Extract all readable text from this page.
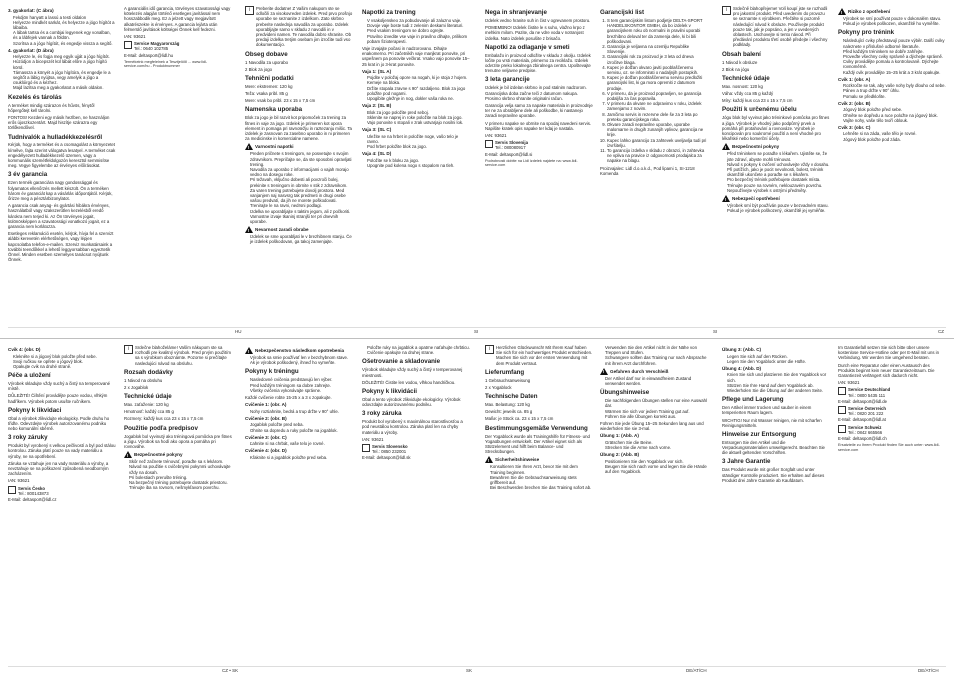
3. gyakorlat: (C ábra)
• Fekdjön hanyatt a lassú a testi oldalon
• Helyezze mindkét sarkát, és helyezze a jógo hígítót a lábaiba.
• A lábak tartsa és a combjai legyenek egy vonalban, és a lábfejek vannak a földön.
• Szorítsa a a jógo hígítót, és engedje vissza a segítő.
4. gyakorlat: (D ábra)
• Helyezze le, és fogja meg egyik ujját a jógo hígítót.
• Húzódjon a bicepszét kül lábát előre a jógo hígító körül.
• Támassza a könyét a jógo hígítóra, és engedje le a segítőt a lábig nyújtsa, vegy amelyik a jógo a csuklóirgó és a kézhez.
• Majd lazítsa meg a gyakorlatot a másik oldalon.
Kezelés és tárolás

A terméket mindig szárazon és hűvös, fénytől hőpergőtejt kell tárolni.

FONTOS! Kezdeni egy másik hezlben, ne használjon erős újoszkozentárt. Majd hiszítje szárazra egy törlőkendővel.

Tudnivalók a hulladékkezelésről

Kérjük, hogy a terméket és a csomagolást a környezetet kímélve, fajta szerint válogatva lesatyel. A terméket csak engedélyezett hulladékkezelő üzemen, vagy a kommunális szemétfeldolgozón keresztül semmisítse meg. Vegye figyelembe az érvényes előírásokat.

3 év garancia

Ezen termék garanciára nagy gondossággal és folyamatos ellenőrzés mellett készült. Ön a terméken három év garanciát kap a vásárlás időpontjától. Kérjük, őrizze meg a pénztárbizonylatot.

A garancia csak anyag- és gyártási hibákra érvényes, használatból vagy szakszerűtlen kezelésből eredő károkra nem terjed ki. Az Ön törvényes jogait, különösképpen a szavatossági vonatkozó jogait, ez a garancia nem korlátozza.

Esetleges reklamáció esetén, kérjük, hívja fel a szervizt alábbi kerevetén elérhetőségen, vagy lépjen kapcsolatba telefon-e-mailen. Szerviz munkatársaink a további teendőkkel a lehető leggyorsabban egyeztetik Önnel. Minden esetben személyes tanácsot nyújtunk Önnek.

A garanciális idő garancia, törvényes szavatossági vagy kötelezés alapján történő esetleges javítással nem hosszabbodik meg. Ez a jelzett vagy megjavított alkatrészekre is érvényes. A garancia lejárta után felmerülő javítások költségei Önnek kell fedezni.

IAN: 93621

Service Magyarország
Tel.: 0640 102785

E-Mail: deltasport@lidl.hu

Termékeink megfelelnek a Tesztjelölő ... www.lidl-service.com/hu - Produktnummer

i	Preberite dodatne! Z Vašim nakupom ste se odločili za visokovreden izdelek. Pred prvo prošnjo uporabe se seznanite z izdelkom. Zato skrbno preberite naslednja navodila za uporabo. Izdelek uporabljajte samo v skladu z navodili in v predvideni namen. Te navodila dobro shranite. Ob predaji izdelka tretjim osebam jim izročite tudi vso dokumentacijo.
Obseg dobave

1 Navodila za uporabo

2 Blok za jogo

Tehnični podatki

Mere: ekstremen: 120 kg

Teža: vsaka pribl. 85 g

Mere: vsak bo pribl. 23 x 15 x 7,5 cm

Namenska uporaba

Blok za jogo je bil razvit kot pripomoček za trening za fitnes in vaje za jogo. Izdelek je primeren kot opora element in pomaga pri ravnotežju in raztezanju mišic. Ta izdelek je zasnovan za zasebno uporabo in ni primeren za medicinske in komercialne namene.

!
Varnostni napotki
• Preden pričnete s treningom, se posvetujte s svojim zdravnikom. Prepričajte se, da ste sposobni opravljati trening.
• Navodila za uporabo z informacijami o vajah morajo vedno na dosegu roke.
• Pri težavah, vključno dobesti ali povzroči bolej, prekinite s treningom in obrnite v stik z zdravnikom.
• Za varen trening potrebujete dovolj prostora. Med vanjanjem naj nasvsrg tak predmeti in drugi osebe vašou predvatí, da jih ne morete poškodovati.
• Trenirajte le na ravni, nedrsni podlagi.
• Izdelka ne uporabljajte s taktim jegom, ali z počkoriti.
• Varnostne izvaje tkaninj stranjši ter pri dnevnih uporabe.
!
Nevarnost zaradi obrabe
• Izdelek se sme uporabljati le v brezhibnem stanju. Če je izdelek poškodovan, ga takoj zamenjajte.
Napotki za trening
• V vsakoljenskeo za pobudovanje ali zaluzno vaje. Dovoje vaje boste tudi z zelenim deskami literaturi.
• Pred vsakim treningom se dobro ogrejte.
• Pravilno izvedite vse vaje in pravilno dihajte, prilikom pobam fizioterapevti.

Vaje izvajajte počasi in nadzorovano. Dihajte enakomerno. Pri začetnikih vaje manjkrat ponovite, pri uspešnem pa ponovite večkrat. Vsako vajo ponovite 15–25 krat in jo 3-krat ponovite.

Vaja 1: (SL A)
• Pojdite v položaj opore na nogah, ki je stoja z hojem. Kemeje na bloka.
• Držite stopala zravne s 90° razdaljeno. Blok za jogo položite pod nogami.
• Upogibite gležnje in nog, dokler vaša roka ne.
Vaja 2: (SL B)
• Blok za jogo položite pred seboj.
• Sklenite se naprej in roke položite na blok za jogo.
• Vajo ponovite s stopali v zrak ustvarjajo nosilni lok.
Vaja 3: (SL C)
• Uležite se na hrbet in položite noge, vašo telo je ravno.
• Pod hrbet položite blok za jogo.
Vaja 4: (SL D)
• Položite se k bloku za jogo.
• Upognite pod kolena nogo s stopalom na tleh.
Nega in shranjevanje

Izdelek vedno hranite suh in čist v ogrevanem prostoru.

POMEMBNO! Izdelek čistite le s suho, vlažno krpo z mehkim milom. Pazite, da ne vdre voda v notranjost izdelka. Nato izdelek posušite z brisačo.

Napotki za odlaganje v smeti

Embalažo in proizvod odložite v skladu z okolju. Izdelek ločite po vrsti materiala, primerno za reciklažo. Izdelek odvrzite preko lokalnega zbiralnega centra. Upoštevajte trenutne veljavne predpise.

3 leta garancije

Izdelek je bil izdelan skrbno in pod stalnim nadzorom. Garancijska doba začne teči z datumom nakupa. Prosimo skrbno shranite originalni račun.

Garancija velja samo za napake materiala in proizvodnje ter ne za obrabljene dele ali poškodbe, ki nastanejo zaradi nepravilne uporabe.

V primeru napake se obrnite na spodaj navedeni servis. Napišite kratek opis napake ter kdaj je nastala.

IAN: 93621

Servis Slovenija
Tel.: 080080917

E-Mail: deltasport@lidl.si

Podrobnosti dobite na Lidl izdelek najdete na: www.lidl-service.com

Garancijski list
1. S tem garancijskim listom podjetje DELTA-SPORT HANDELSKONTOR GMBH, da bo izdelek v garancijskem roku ob normalni in pravilni uporabi brezhibno deloval ter da zamenja dele, ki bi bili poškodovani.
2. Garancija je veljavna na ozemlju Republike Slovenije.
3. Garancijski rok za proizvod je 3 leta od dneva izročitve blaga.
4. Kupec je dolžan okvaro javiti pooblaščenemu servisu, oz. se informirati o nadaljnjih postopkih.
5. Kupec je dolžan pooblaščenemu servisu predložiti garancijski list, ki ga mora opremiti z datumom prodaje.
6. V primeru, da je proizvod popravljen, se garancija podaljša za čas popravila.
7. V primeru da okvare ne odpravimo v roku, izdelek zamenjamo z novim.
8. Jamčimo servis in rezervne dele še za 3 leta po preteku garancijskega roka.
9. Okvare zaradi nepravilne uporabe, uporabe malomarne in drugih zunanjih vplivov, garancija ne krije.
10. Kupec lahko garancijo za zahtevek uveljavlja tudi pri izvršitelju.
11. To garancijo izdelka v skladu z obrazci, in zahtevka ne vpliva na pravice iz odgovornosti prodajalca za napake na blagu.

Proizvajalec: Lidl d.o.o.k.d., Pod lipami 1, SI-1218 Komenda

i	Srdečně blahopřejeme! Volí koupí jste se rozhodli pro jakostní produkt. Před uvedením do provozu se seznamte s výrobkem. Přečtěte si pozorně následující návod k obsluze. Používejte produkt pouze tak, jak je popsáno, a jen v uvedených oblastech. Uschovejte si tento návod. Při předávání produktu třetí osobě předejte i všechny podklady.
Obsah balení

1 Návod k obsluze

2 Blok na jógu

Technické údaje

Max. nosnost: 120 kg

Váha: vždy cca 85 g každý

Míry: každý kus cca 23 x 15 x 7,5 cm

Použití k určenému účelu

Jógu blok byl vyvinut jako tréninkové pomůcka pro fitnes a jóga. Výrobek je vhodný jako podpůrný prvek a pomáhá při protahování a rovnováze. Výrobek je koncipován pro soukromé použití a není vhodné pro lékařské nebo komerční účely.

!
Bezpečnostní pokyny
• Před tréninkem se poraďte s lékařem. Ujistěte se, že jste zdraví, abyste mohli trénovat.
• Návod s pokyny k cvičení uchovávejte vždy v dosahu.
• Při potížích, jako je pocit nevolnosti, bolest, trénink okamžitě ukončete a poraďte se s lékařem.
• Pro bezpečný trénink potřebujete dostatek místa.
• Trénujte pouze na rovném, neklouzavém povrchu.
• Nepoužívejte výrobek s ostrými předměty.
!
Nebezpečí opotřebení
• Výrobek smí být používán pouze v bezvadném stavu. Pokud je výrobek poškozený, okamžitě jej vyměňte.
!
Riziko z opotřebení
• Výrobek se smí používat pouze v dokonalém stavu. Pokud je výrobek poškozen, okamžitě ho vyměňte.
Pokyny pro trénink
• Následující cviky představují pouze výběr. Další cviky naleznete v příslušné odborné literatuře.
• Před každým tréninkem se dobře zahřejte.
• Proveďte všechny cviky správně a dýchejte správně.
• Cviky provádějte pomalu a kontrolovaně. Dýchejte rovnoměrně.
• Každý cvik provádějte 15–25 krát a 3 krát opakujte.
Cvik 1: (obr. A)
• Rozkročte se tak, aby vaše nohy byly dlouho od sebe.
• Pánev a trup držte v 90° úhlu.
• Pomalu se předkloňte.
Cvik 2: (obr. B)
• Jógový blok položte před sebe.
• Ohněte se dopředu a ruce položte na jógový blok.
• Vajíte nohy, vaše tělo tvoří oblouk.
Cvik 3: (obr. C)
• Lehněte si na záda, vaše tělo je rovné.
• Jógový blok položte pod záda.
HU	SI	SI	CZ
Cvik 4: (obr. D)
• Klekněte si a jógový blok položte před sebe.
• Svoji ručkou se opřete o jógový blok.
• Opakujte cvik na druhé straně.
Péče a uložení

Výrobek skladujte vždy suchý a čistý na temperované místě.

DŮLEŽITÉ! Čištění provádějte pouze vodou, vlhkým hadříkem. Výrobek potom usušte ručníkem.

Pokyny k likvidaci

Obal a výrobek zlikvidujte ekologicky. Podle druhu ho třiďte. Odevzdejte výrobek autorizovanému podniku nebo komunální sběrně.

3 roky záruky

Produkt byl vyrobený s velkou pečlivostí a byl pod stálou kontrolou. Záruka platí pouze na vady materiálu a výroby, ne na opotřebení.

Záruka se vztahuje jen na vady materiálu a výroby, a nevztahuje se na poškození způsobená neodborným zacházením.

IAN: 93621

Servis Česko
Tel.: 800143873

E-Mail: deltasport@lidl.cz

i	Srdečne blahoželáme! Vaším nákupom ste sa rozhodli pre kvalitný výrobok. Pred prvým použitím sa s výrobkom oboznámte. Pozorne si prečítajte nasledujúci návod na obsluhu.
Rozsah dodávky

1 Návod na obsluhu

2 x Jogablok

Technické údaje

Max. zaťaženie: 120 kg

Hmotnosť: každý cca 85 g

Rozmery: každý kus cca 23 x 15 x 7,5 cm

Použitie podľa predpisov

Jogablok bol vyvinutý ako tréningová pomôcka pre fitnes a jógu. Výrobok sa hodí ako opora a pomáha pri rovnováhe.

!
Bezpečnostné pokyny
• Skôr než začnete trénovať, poraďte sa s lekárom.
• Návod na použitie s cvičebnými pokynmi uchovávajte vždy na dosah.
• Pri bolestiach prerušte tréning.
• Na bezpečný tréning potrebujete dostatok priestoru.
• Trénujte iba na rovnom, nešmykľavom povrchu.
!
Nebezpečenstvo následkom opotrebenia
• Výrobok sa smie používať len v bezchybnom stave. Ak je výrobok poškodený, ihneď ho vymeňte.
Pokyny k tréningu
• Nasledovné cvičenia predstavujú len výber.
• Pred každým tréningom sa dobre zahrejte.
• Všetky cvičenia vykonávajte správne.

Každé cvičenie robte 15-25 x a 3 x zopakujte.

Cvičenie 1: (obr. A)
• Nohy roztiahnite, bedrá a trup držte v 90° uhle.
Cvičenie 2: (obr. B)
• Jogablok položte pred seba.
• Ohnite sa dopredu a ruky položte na jogablok.
Cvičenie 3: (obr. C)
• Ľahnite si na chrbát, vaše telo je rovné.
Cvičenie 4: (obr. D)
• Kľaknite si a jogablok položte pred seba.
• Položte ruky na jogablok a opatrne naťahujte chrbticu.
• Cvičenie opakujte na druhej strane.
Ošetrovanie a skladovanie

Výrobok skladujte vždy suchý a čistý v temperovanej miestnosti.

DÔLEŽITÉ! Čistite len vodou, vlhkou handričkou.

Pokyny k likvidácii

Obal a tento výrobok zlikvidujte ekologicky. Výrobok odovzdajte autorizovanému podniku.

3 roky záruka

Produkt bol vyrobený s maximálnou starostlivosťou a pod neustálou kontrolou. Záruka platí len na chyby materiálu a výroby.

IAN: 93621

Servis Slovensko
Tel.: 0850 232001

E-Mail: deltasport@lidl.sk

i	Herzlichen Glückwunsch! Mit Ihrem Kauf haben Sie sich für ein hochwertiges Produkt entschieden. Machen Sie sich vor der ersten Verwendung mit dem Produkt vertraut.
Lieferumfang

1 Gebrauchsanweisung

2 x Yogablock

Technische Daten

Max. Belastung: 120 kg

Gewicht: jeweils ca. 85 g

Maße: je Stück ca. 23 x 15 x 7,5 cm

Bestimmungsgemäße Verwendung

Der Yogablock wurde als Trainingshilfe für Fitness- und Yogaübungen entwickelt. Der Artikel eignet sich als Stützelement und hilft beim Balance- und Streckübungen.

!
Sicherheitshinweise
• Konsultieren Sie Ihren Arzt, bevor Sie mit dem Training beginnen.
• Bewahren Sie die Gebrauchsanweisung stets griffbereit auf.
• Bei Beschwerden brechen Sie das Training sofort ab.
• Verwenden Sie den Artikel nicht in der Nähe von Treppen und Stufen.
• Schwangere sollten das Training nur nach Absprache mit ihrem Arzt durchführen.
!
Gefahren durch Verschleiß
• Der Artikel darf nur in einwandfreiem Zustand verwendet werden.
Übungshinweise
• Die nachfolgenden Übungen stellen nur eine Auswahl dar.
• Wärmen Sie sich vor jedem Training gut auf.
• Führen Sie alle Übungen korrekt aus.

Führen Sie jede Übung 15–25 Sekunden lang aus und wiederholen Sie sie 3-mal.

Übung 1: (Abb. A)
• Grätschen Sie die Beine.
• Strecken Sie die Arme nach vorne.
Übung 2: (Abb. B)
• Positionieren Sie den Yogablock vor sich.
• Beugen Sie sich nach vorne und legen Sie die Hände auf den Yogablock.
Übung 3: (Abb. C)
• Legen Sie sich auf den Rücken.
• Legen Sie den Yogablock unter die Hüfte.
Übung 4: (Abb. D)
• Knien Sie sich und platzieren Sie den Yogablock vor sich.
• Stützen Sie Ihre Hand auf dem Yogablock ab.
• Wiederholen Sie die Übung auf der anderen Seite.
Pflege und Lagerung

Den Artikel immer trocken und sauber in einem temperierten Raum lagern.

WICHTIG! Nur mit Wasser reinigen, nie mit scharfen Reinigungsmitteln.

Hinweise zur Entsorgung

Entsorgen Sie den Artikel und die Verpackungsmaterialien umweltgerecht. Beachten Sie die aktuell geltenden Vorschriften.

3 Jahre Garantie

Das Produkt wurde mit großer Sorgfalt und unter ständiger Kontrolle produziert. Sie erhalten auf dieses Produkt drei Jahre Garantie ab Kaufdatum.

Im Garantiefall setzen Sie sich bitte über unsere kostenlose Service-Hotline oder per E-Mail mit uns in Verbindung. Wir werden Sie umgehend beraten.

Durch eine Reparatur oder einen Austausch des Produkts beginnt kein neuer Garantiezeitraum. Die Garantiezeit verlängert sich dadurch nicht.

IAN: 93621

Service Deutschland
Tel.: 0800 5435 111

E-Mail: deltasport@lidl.de

Service Österreich
Tel.: 0820 201 222

E-Mail: deltasport@lidl.at

Service Schweiz
Tel.: 0842 665566

E-Mail: deltasport@lidl.ch

Ersatzteile zu Ihrem Produkt finden Sie auch unter: www.lidl-service.com

CZ • SK	SK	DE/AT/CH	DE/AT/CH
